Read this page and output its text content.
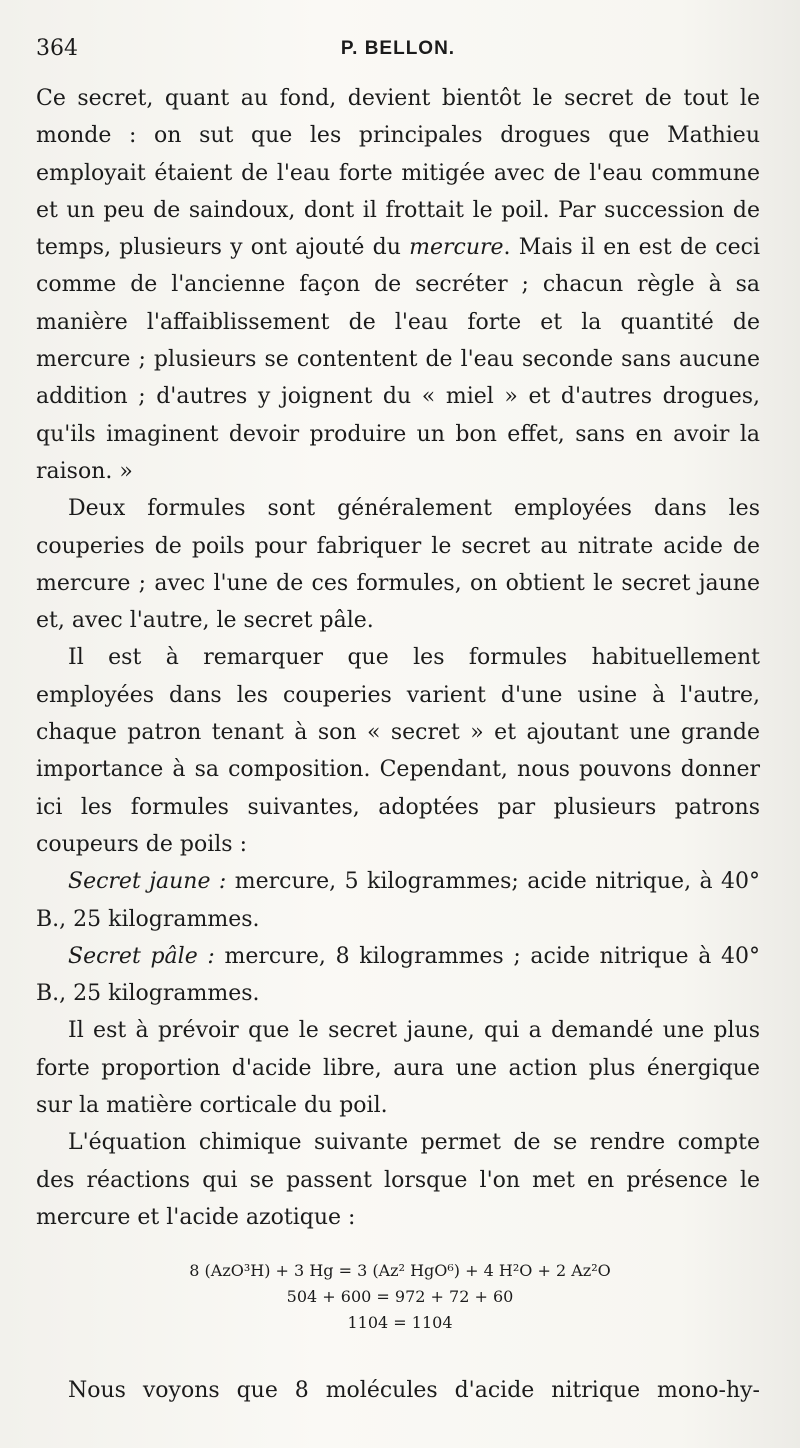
364	P. BELLON.

Ce secret, quant au fond, devient bientôt le secret de tout le monde : on sut que les principales drogues que Mathieu employait étaient de l'eau forte mitigée avec de l'eau commune et un peu de saindoux, dont il frottait le poil. Par succession de temps, plusieurs y ont ajouté du mercure. Mais il en est de ceci comme de l'ancienne façon de secréter ; chacun règle à sa manière l'affaiblissement de l'eau forte et la quantité de mercure ; plusieurs se contentent de l'eau seconde sans aucune addition ; d'autres y joignent du « miel » et d'autres drogues, qu'ils imaginent devoir produire un bon effet, sans en avoir la raison. »

Deux formules sont généralement employées dans les couperies de poils pour fabriquer le secret au nitrate acide de mercure ; avec l'une de ces formules, on obtient le secret jaune et, avec l'autre, le secret pâle.

Il est à remarquer que les formules habituellement employées dans les couperies varient d'une usine à l'autre, chaque patron tenant à son « secret » et ajoutant une grande importance à sa composition. Cependant, nous pouvons donner ici les formules suivantes, adoptées par plusieurs patrons coupeurs de poils :

Secret jaune : mercure, 5 kilogrammes; acide nitrique, à 40° B., 25 kilogrammes.

Secret pâle : mercure, 8 kilogrammes ; acide nitrique à 40° B., 25 kilogrammes.

Il est à prévoir que le secret jaune, qui a demandé une plus forte proportion d'acide libre, aura une action plus énergique sur la matière corticale du poil.

L'équation chimique suivante permet de se rendre compte des réactions qui se passent lorsque l'on met en présence le mercure et l'acide azotique :

8 (AzO³H) + 3 Hg = 3 (Az² HgO⁶) + 4 H²O + 2 Az²O
504 + 600 = 972 + 72 + 60
1104 = 1104
Nous voyons que 8 molécules d'acide nitrique mono-hy-
